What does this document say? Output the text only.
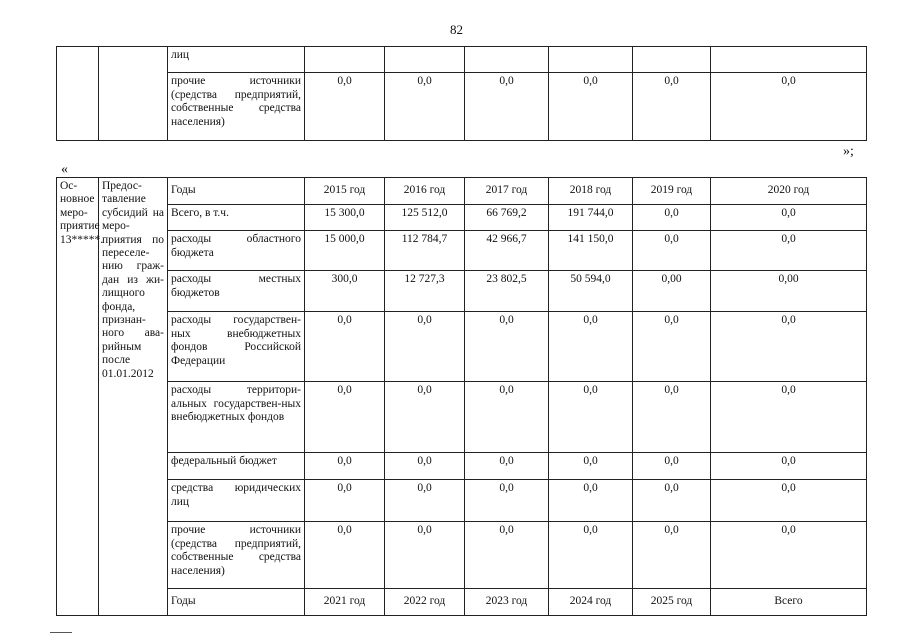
82
		лиц						
		прочие источники (средства предприятий, собственные средства населения)	0,0	0,0	0,0	0,0	0,0	0,0
»;
«
Ос-новное меро-приятие 13*****.	Предос-тавление субсидий на меро-приятия по переселе-нию граж-дан из жи-лищного фонда, признан-ного ава-рийным после 01.01.2012	Годы	2015 год	2016 год	2017 год	2018 год	2019 год	2020 год
		Всего, в т.ч.	15 300,0	125 512,0	66 769,2	191 744,0	0,0	0,0
		расходы областного бюджета	15 000,0	112 784,7	42 966,7	141 150,0	0,0	0,0
		расходы местных бюджетов	300,0	12 727,3	23 802,5	50 594,0	0,00	0,00
		расходы государствен-ных внебюджетных фондов Российской Федерации	0,0	0,0	0,0	0,0	0,0	0,0
		расходы территори-альных государствен-ных внебюджетных фондов	0,0	0,0	0,0	0,0	0,0	0,0
		федеральный бюджет	0,0	0,0	0,0	0,0	0,0	0,0
		средства юридических лиц	0,0	0,0	0,0	0,0	0,0	0,0
		прочие источники (средства предприятий, собственные средства населения)	0,0	0,0	0,0	0,0	0,0	0,0
		Годы	2021 год	2022 год	2023 год	2024 год	2025 год	Всего
